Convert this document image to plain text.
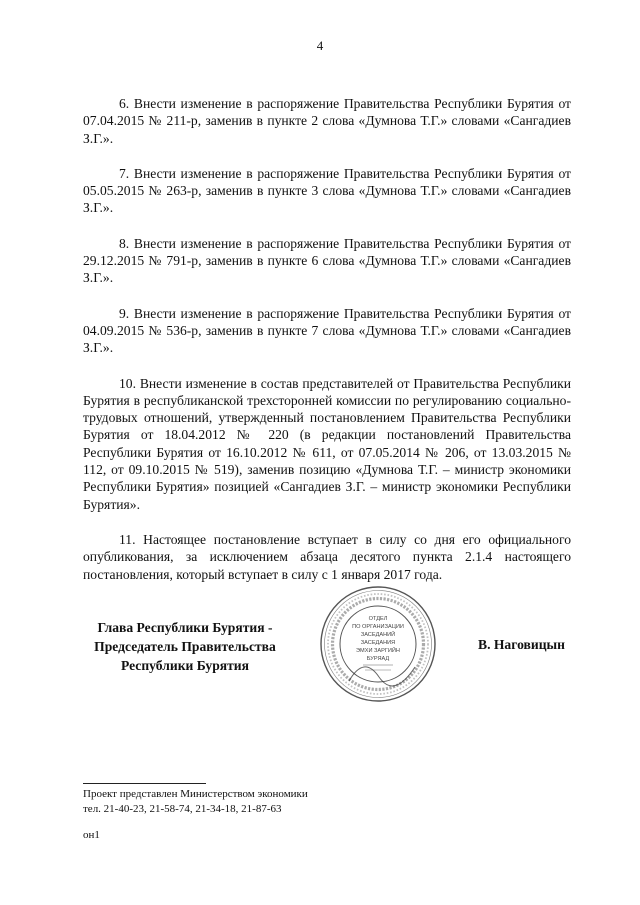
4

6. Внести изменение в распоряжение Правительства Республики Бурятия от 07.04.2015 № 211-р, заменив в пункте 2 слова «Думнова Т.Г.» словами «Сангадиев З.Г.».

7. Внести изменение в распоряжение Правительства Республики Бурятия от 05.05.2015 № 263-р, заменив в пункте 3 слова «Думнова Т.Г.» словами «Сангадиев З.Г.».

8. Внести изменение в распоряжение Правительства Республики Бурятия от 29.12.2015 № 791-р, заменив в пункте 6 слова «Думнова Т.Г.» словами «Сангадиев З.Г.».

9. Внести изменение в распоряжение Правительства Республики Бурятия от 04.09.2015 № 536-р, заменив в пункте 7 слова «Думнова Т.Г.» словами «Сангадиев З.Г.».

10. Внести изменение в состав представителей от Правительства Республики Бурятия в республиканской трехсторонней комиссии по регулированию социально-трудовых отношений, утвержденный постановлением Правительства Республики Бурятия от 18.04.2012 № 220 (в редакции постановлений Правительства Республики Бурятия от 16.10.2012 № 611, от 07.05.2014 № 206, от 13.03.2015 № 112, от 09.10.2015 № 519), заменив позицию «Думнова Т.Г. – министр экономики Республики Бурятия» позицией «Сангадиев З.Г. – министр экономики Республики Бурятия».

11. Настоящее постановление вступает в силу со дня его официального опубликования, за исключением абзаца десятого пункта 2.1.4 настоящего постановления, который вступает в силу с 1 января 2017 года.

Глава Республики Бурятия -
Председатель Правительства
Республики Бурятия
ОТДЕЛ
ПО ОРГАНИЗАЦИИ
ЗАСЕДАНИЙ
ЗАСЕДАНИЯ
ЭМХИ ЗАРГИЙН
БУРЯАД
В. Наговицын
Проект представлен Министерством экономики
тел. 21-40-23, 21-58-74, 21-34-18, 21-87-63
он1
